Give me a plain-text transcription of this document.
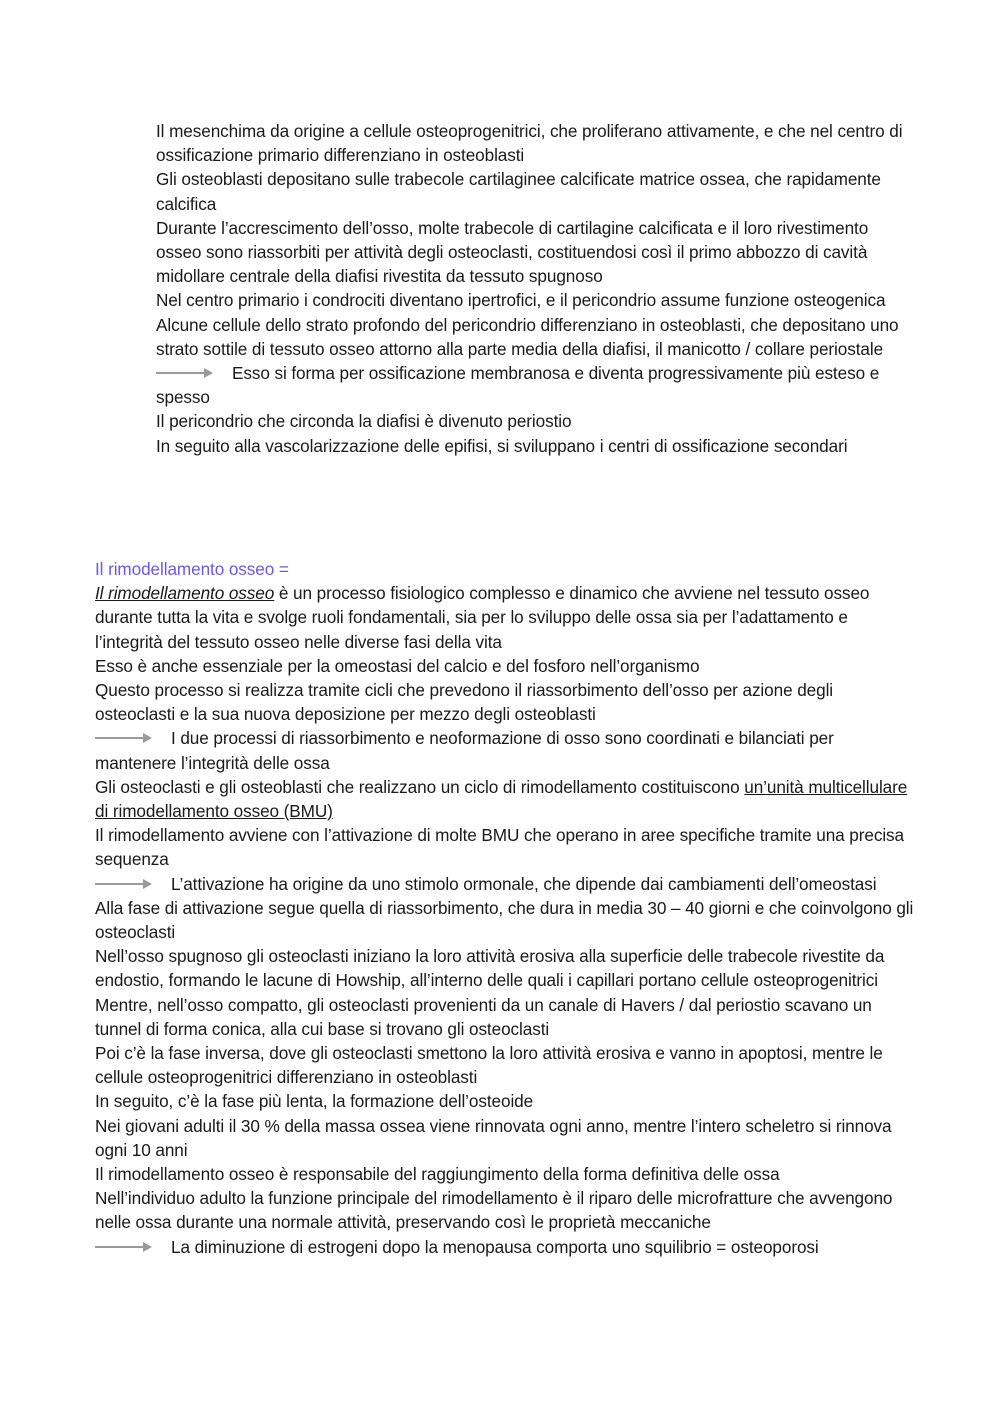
Il mesenchima da origine a cellule osteoprogenitrici, che proliferano attivamente, e che nel centro di ossificazione primario differenziano in osteoblasti

Gli osteoblasti depositano sulle trabecole cartilaginee calcificate matrice ossea, che rapidamente calcifica

Durante l’accrescimento dell’osso, molte trabecole di cartilagine calcificata e il loro rivestimento osseo sono riassorbiti per attività degli osteoclasti, costituendosi così il primo abbozzo di cavità midollare centrale della diafisi rivestita da tessuto spugnoso

Nel centro primario i condrociti diventano ipertrofici, e il pericondrio assume funzione osteogenica

Alcune cellule dello strato profondo del pericondrio differenziano in osteoblasti, che depositano uno strato sottile di tessuto osseo attorno alla parte media della diafisi, il manicotto / collare periostale

Esso si forma per ossificazione membranosa e diventa progressivamente più esteso e spesso

Il pericondrio che circonda la diafisi è divenuto periostio

In seguito alla vascolarizzazione delle epifisi, si sviluppano i centri di ossificazione secondari

Il rimodellamento osseo =

Il rimodellamento osseo è un processo fisiologico complesso e dinamico che avviene nel tessuto osseo durante tutta la vita e svolge ruoli fondamentali, sia per lo sviluppo delle ossa sia per l’adattamento e l’integrità del tessuto osseo nelle diverse fasi della vita

Esso è anche essenziale per la omeostasi del calcio e del fosforo nell’organismo

Questo processo si realizza tramite cicli che prevedono il riassorbimento dell’osso per azione degli osteoclasti e la sua nuova deposizione per mezzo degli osteoblasti

I due processi di riassorbimento e neoformazione di osso sono coordinati e bilanciati per mantenere l’integrità delle ossa

Gli osteoclasti e gli osteoblasti che realizzano un ciclo di rimodellamento costituiscono un’unità multicellulare di rimodellamento osseo (BMU)

Il rimodellamento avviene con l’attivazione di molte BMU che operano in aree specifiche tramite una precisa sequenza

L’attivazione ha origine da uno stimolo ormonale, che dipende dai cambiamenti dell’omeostasi

Alla fase di attivazione segue quella di riassorbimento, che dura in media 30 – 40 giorni e che coinvolgono gli osteoclasti

Nell’osso spugnoso gli osteoclasti iniziano la loro attività erosiva alla superficie delle trabecole rivestite da endostio, formando le lacune di Howship, all’interno delle quali i capillari portano cellule osteoprogenitrici

Mentre, nell’osso compatto, gli osteoclasti provenienti da un canale di Havers / dal periostio scavano un tunnel di forma conica, alla cui base si trovano gli osteoclasti

Poi c’è la fase inversa, dove gli osteoclasti smettono la loro attività erosiva e vanno in apoptosi, mentre le cellule osteoprogenitrici differenziano in osteoblasti

In seguito, c’è la fase più lenta, la formazione dell’osteoide

Nei giovani adulti il 30 % della massa ossea viene rinnovata ogni anno, mentre l’intero scheletro si rinnova ogni 10 anni

Il rimodellamento osseo è responsabile del raggiungimento della forma definitiva delle ossa

Nell’individuo adulto la funzione principale del rimodellamento è il riparo delle microfratture che avvengono nelle ossa durante una normale attività, preservando così le proprietà meccaniche

La diminuzione di estrogeni dopo la menopausa comporta uno squilibrio = osteoporosi
